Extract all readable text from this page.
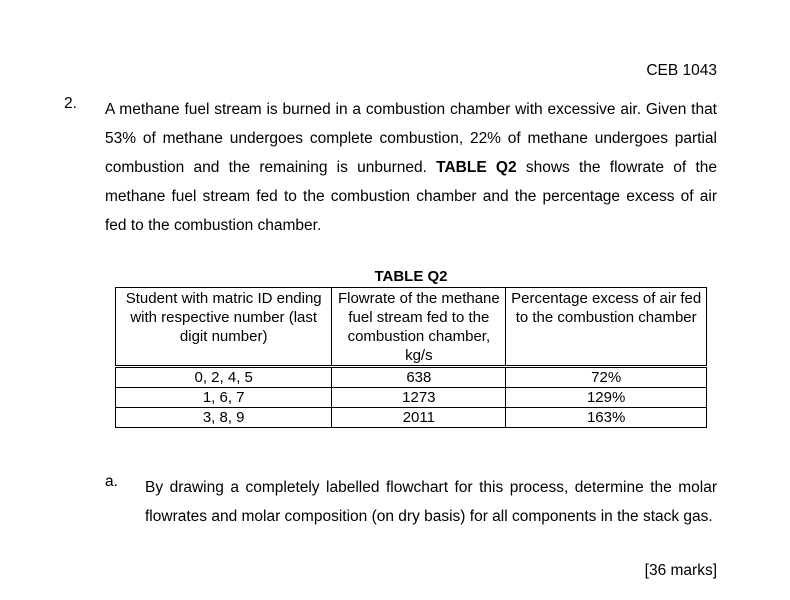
CEB 1043
2. A methane fuel stream is burned in a combustion chamber with excessive air. Given that 53% of methane undergoes complete combustion, 22% of methane undergoes partial combustion and the remaining is unburned. TABLE Q2 shows the flowrate of the methane fuel stream fed to the combustion chamber and the percentage excess of air fed to the combustion chamber.
TABLE Q2
Student with matric ID ending with respective number (last digit number)	Flowrate of the methane fuel stream fed to the combustion chamber, kg/s	Percentage excess of air fed to the combustion chamber
0, 2, 4, 5	638	72%
1, 6, 7	1273	129%
3, 8, 9	2011	163%
a. By drawing a completely labelled flowchart for this process, determine the molar flowrates and molar composition (on dry basis) for all components in the stack gas.
[36 marks]
